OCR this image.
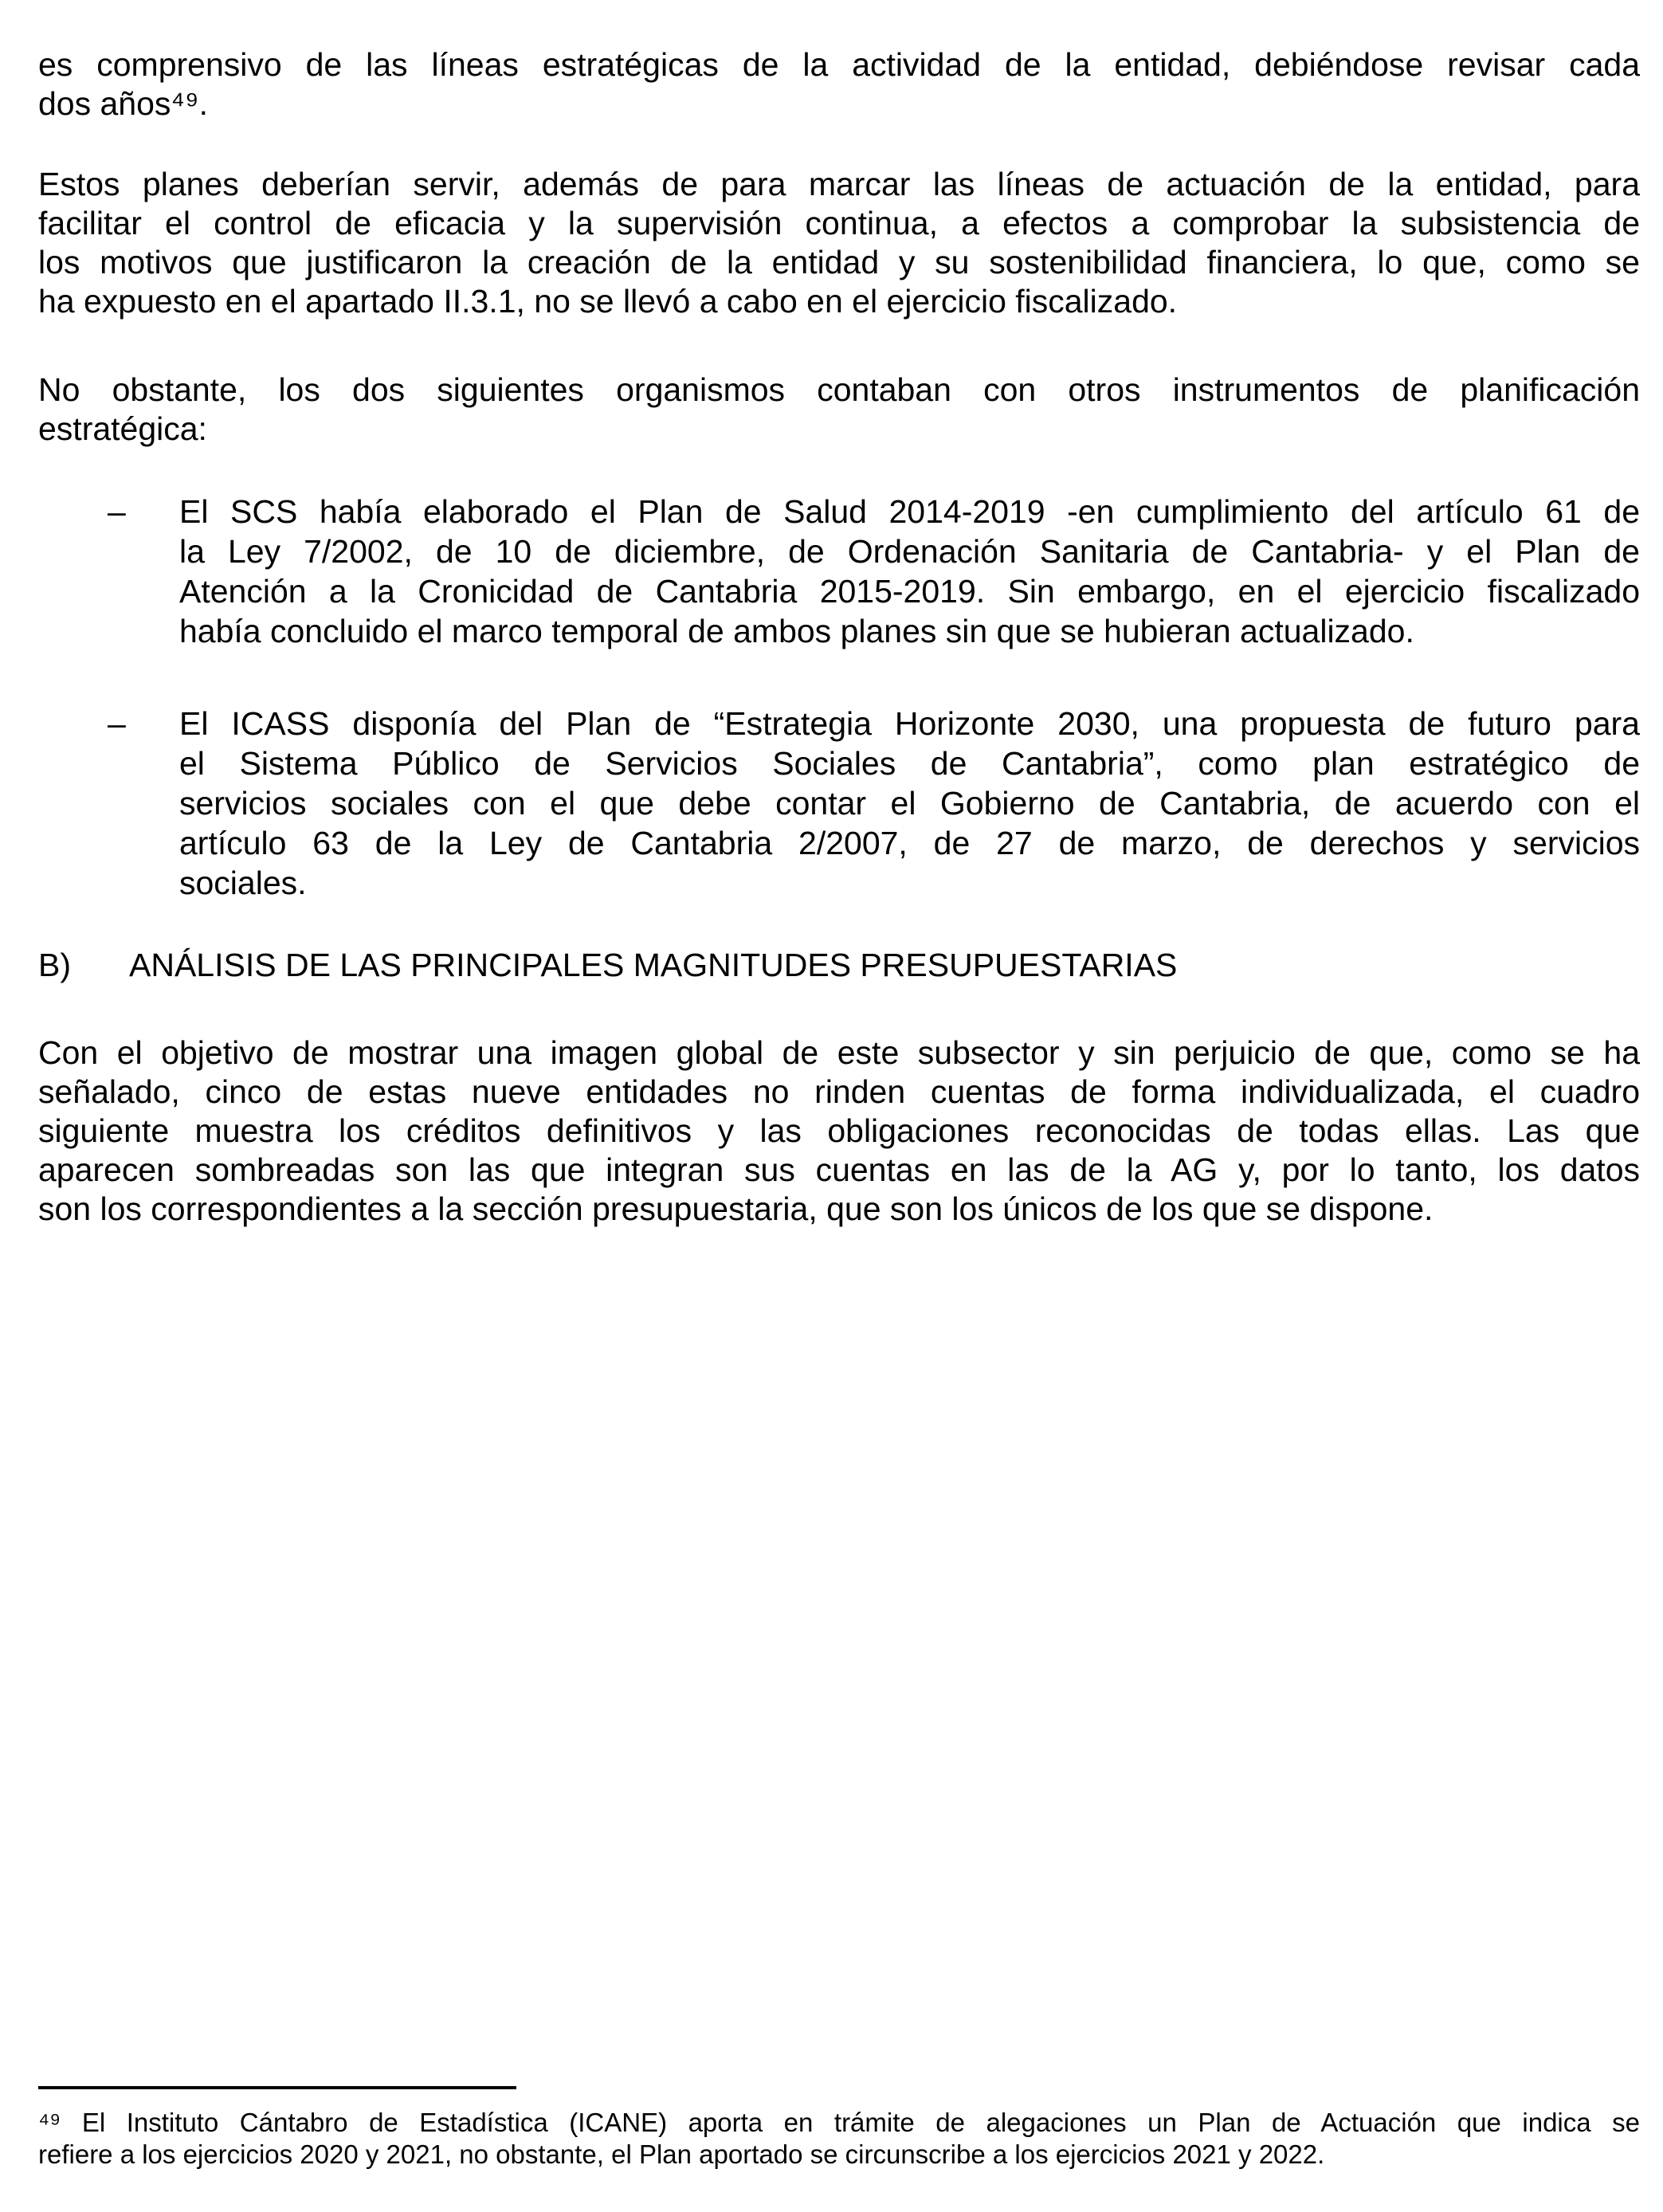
es comprensivo de las líneas estratégicas de la actividad de la entidad, debiéndose revisar cada
dos años⁴⁹.
Estos planes deberían servir, además de para marcar las líneas de actuación de la entidad, para
facilitar el control de eficacia y la supervisión continua, a efectos a comprobar la subsistencia de
los motivos que justificaron la creación de la entidad y su sostenibilidad financiera, lo que, como se
ha expuesto en el apartado II.3.1, no se llevó a cabo en el ejercicio fiscalizado.
No obstante, los dos siguientes organismos contaban con otros instrumentos de planificación
estratégica:
– El SCS había elaborado el Plan de Salud 2014-2019 -en cumplimiento del artículo 61 de
la Ley 7/2002, de 10 de diciembre, de Ordenación Sanitaria de Cantabria- y el Plan de
Atención a la Cronicidad de Cantabria 2015-2019. Sin embargo, en el ejercicio fiscalizado
había concluido el marco temporal de ambos planes sin que se hubieran actualizado.
– El ICASS disponía del Plan de “Estrategia Horizonte 2030, una propuesta de futuro para
el Sistema Público de Servicios Sociales de Cantabria”, como plan estratégico de
servicios sociales con el que debe contar el Gobierno de Cantabria, de acuerdo con el
artículo 63 de la Ley de Cantabria 2/2007, de 27 de marzo, de derechos y servicios
sociales.
B) ANÁLISIS DE LAS PRINCIPALES MAGNITUDES PRESUPUESTARIAS
Con el objetivo de mostrar una imagen global de este subsector y sin perjuicio de que, como se ha
señalado, cinco de estas nueve entidades no rinden cuentas de forma individualizada, el cuadro
siguiente muestra los créditos definitivos y las obligaciones reconocidas de todas ellas. Las que
aparecen sombreadas son las que integran sus cuentas en las de la AG y, por lo tanto, los datos
son los correspondientes a la sección presupuestaria, que son los únicos de los que se dispone.
⁴⁹ El Instituto Cántabro de Estadística (ICANE) aporta en trámite de alegaciones un Plan de Actuación que indica se
refiere a los ejercicios 2020 y 2021, no obstante, el Plan aportado se circunscribe a los ejercicios 2021 y 2022.
